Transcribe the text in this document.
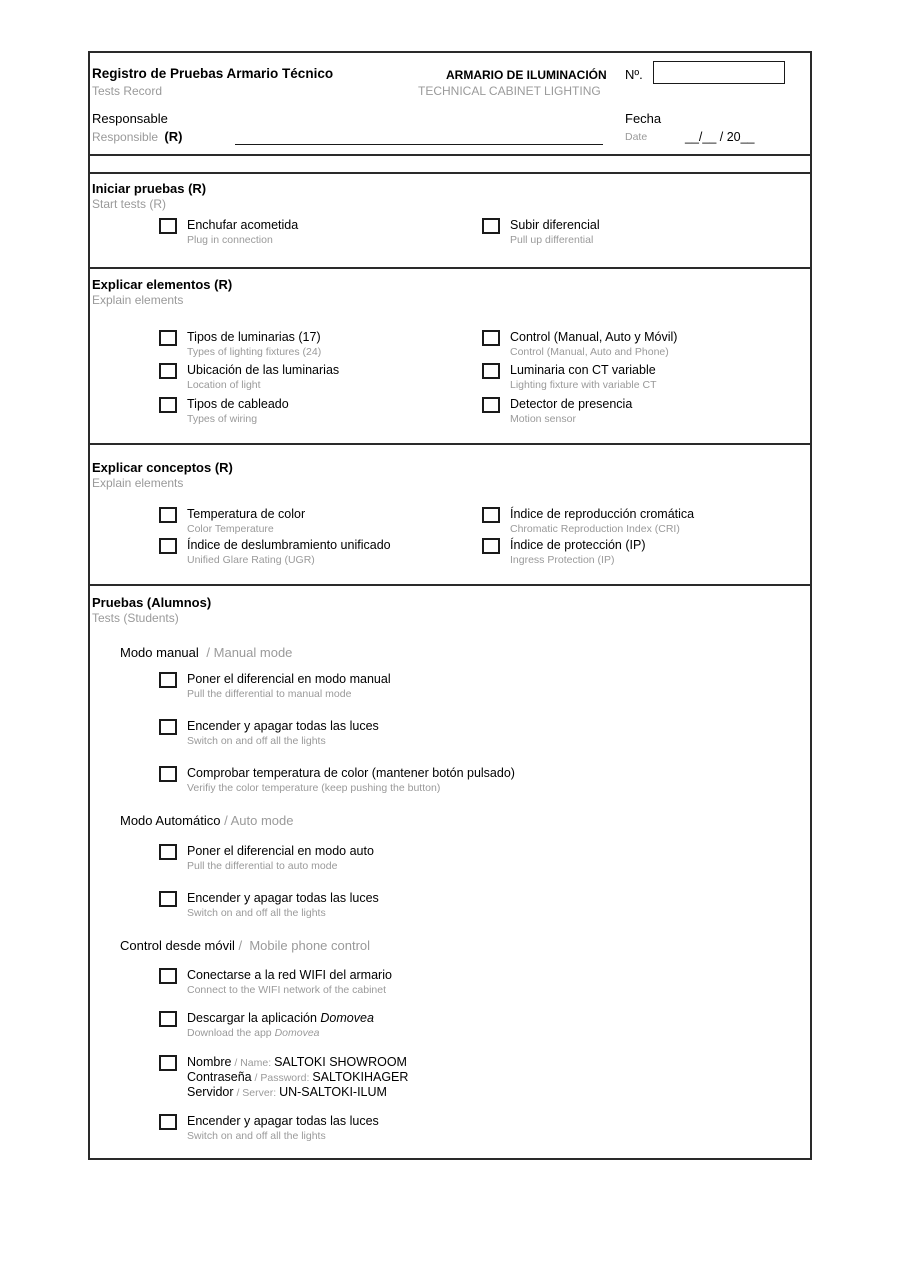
Registro de Pruebas Armario Técnico
Tests Record
ARMARIO DE ILUMINACIÓN
TECHNICAL CABINET LIGHTING
Nº.
Responsable
Responsible (R)
Fecha
Date	__/__ / 20__
Iniciar pruebas (R)
Start tests (R)
Enchufar acometida
Plug in connection
Subir diferencial
Pull up differential
Explicar elementos (R)
Explain elements
Tipos de luminarias (17)
Types of lighting fixtures (24)
Ubicación de las luminarias
Location of light
Tipos de cableado
Types of wiring
Control (Manual, Auto y Móvil)
Control (Manual, Auto and Phone)
Luminaria con CT variable
Lighting fixture with variable CT
Detector de presencia
Motion sensor
Explicar conceptos (R)
Explain elements
Temperatura de color
Color Temperature
Índice de deslumbramiento unificado
Unified Glare Rating (UGR)
Índice de reproducción cromática
Chromatic Reproduction Index (CRI)
Índice de protección (IP)
Ingress Protection (IP)
Pruebas (Alumnos)
Tests (Students)
Modo manual / Manual mode
Poner el diferencial en modo manual
Pull the differential to manual mode
Encender y apagar todas las luces
Switch on and off all the lights
Comprobar temperatura de color (mantener botón pulsado)
Verifiy the color temperature (keep pushing the button)
Modo Automático / Auto mode
Poner el diferencial en modo auto
Pull the differential to auto mode
Encender y apagar todas las luces
Switch on and off all the lights
Control desde móvil /  Mobile phone control
Conectarse a la red WIFI del armario
Connect to the WIFI network of the cabinet
Descargar la aplicación Domovea
Download the app Domovea
Nombre / Name: SALTOKI SHOWROOM
Contraseña / Password: SALTOKIHAGER
Servidor / Server: UN-SALTOKI-ILUM
Encender y apagar todas las luces
Switch on and off all the lights
